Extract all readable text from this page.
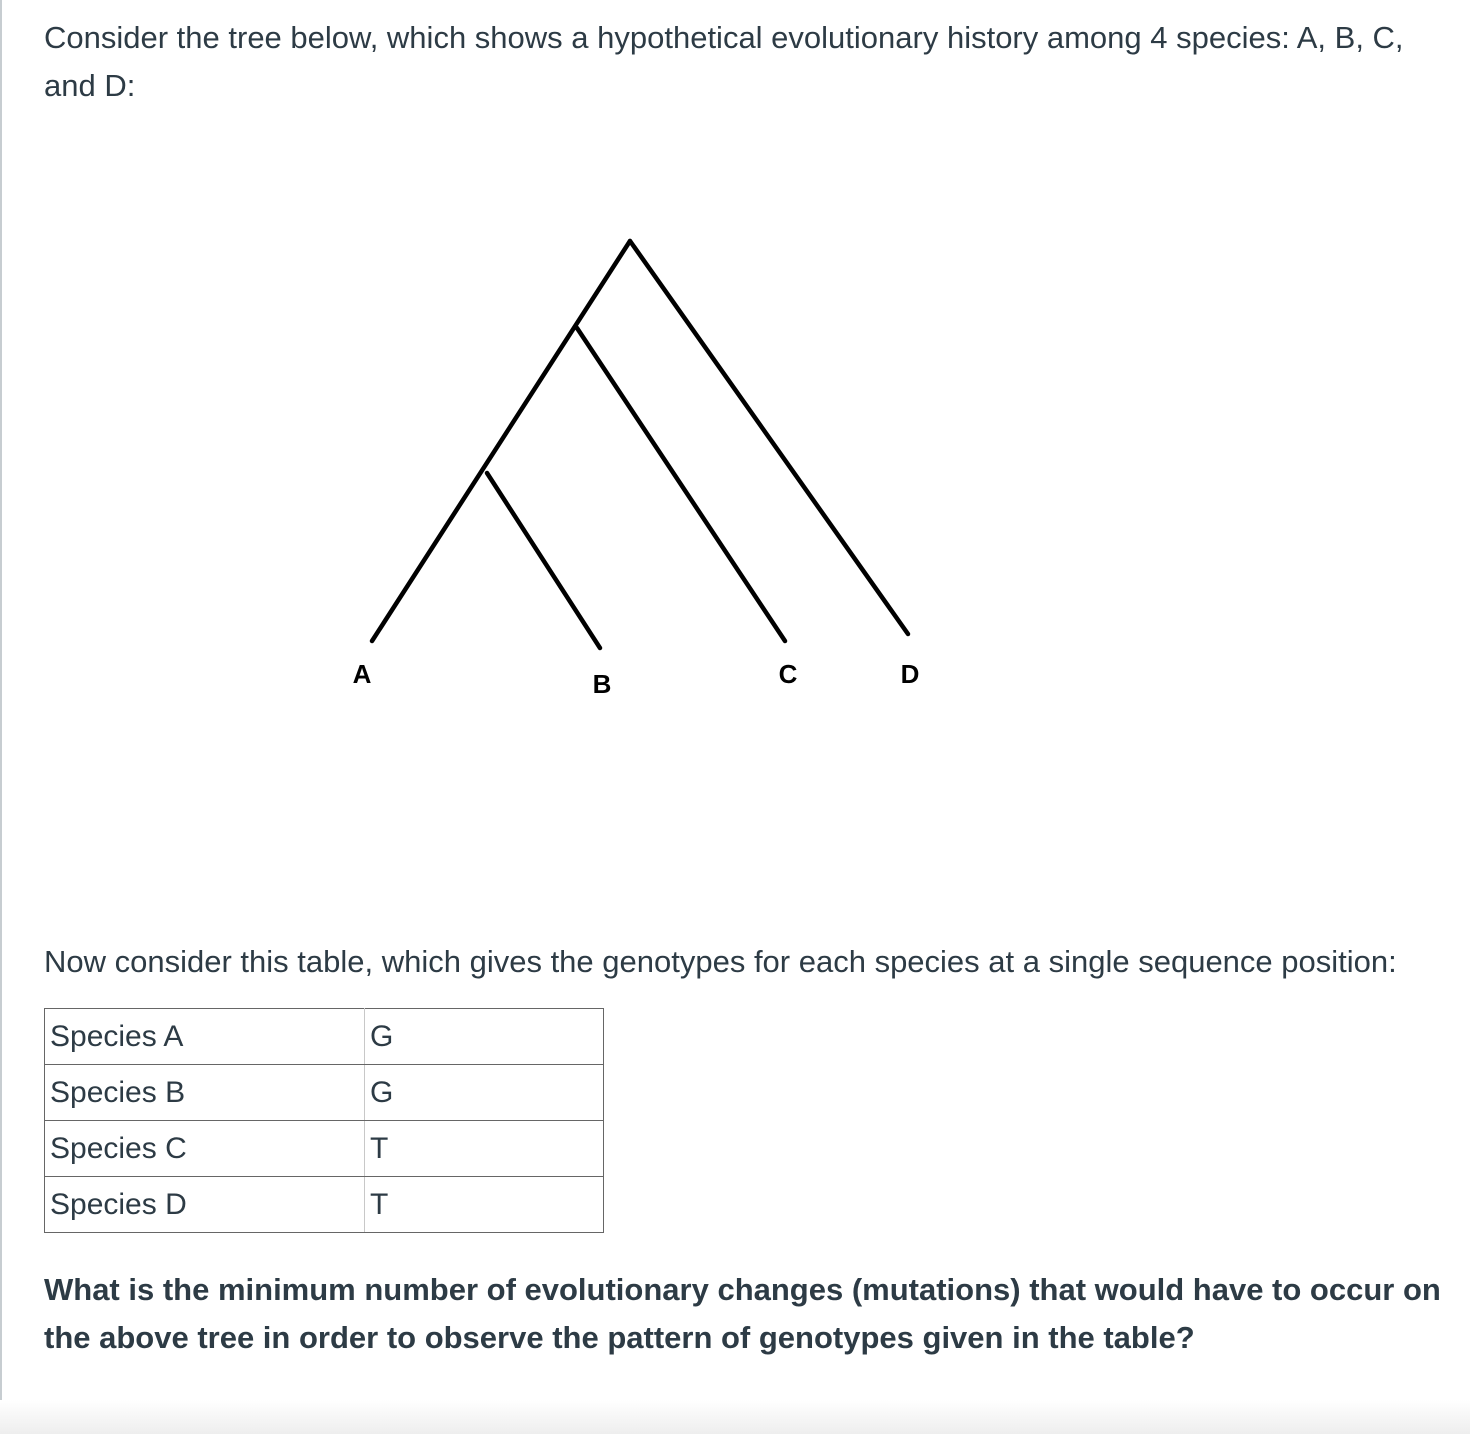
Consider the tree below, which shows a hypothetical evolutionary history among 4 species: A, B, C, and D:

A	B	C	D

Now consider this table, which gives the genotypes for each species at a single sequence position:

Species A	G
Species B	G
Species C	T
Species D	T

What is the minimum number of evolutionary changes (mutations) that would have to occur on the above tree in order to observe the pattern of genotypes given in the table?
